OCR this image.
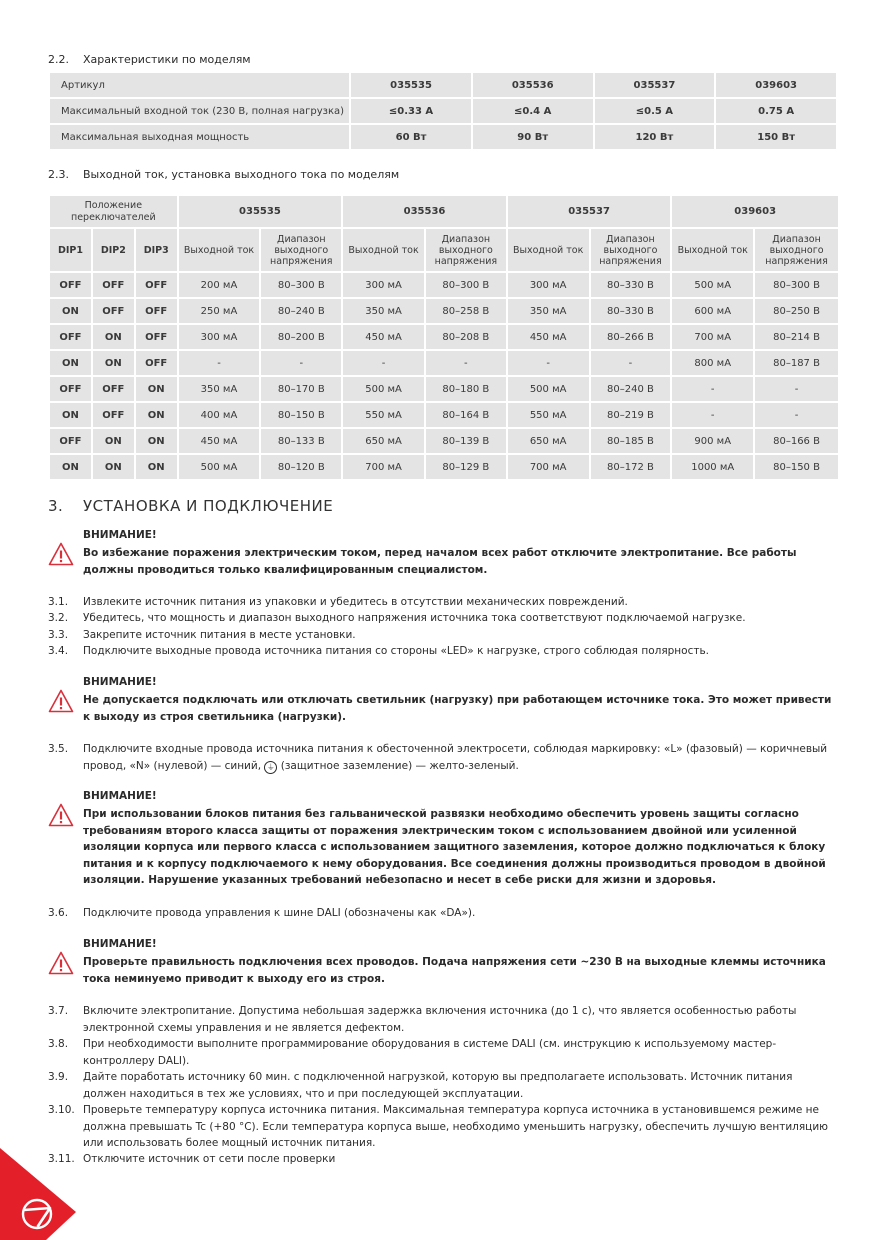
2.2. Характеристики по моделям
Артикул	035535	035536	035537	039603
Максимальный входной ток (230 В, полная нагрузка)	≤0.33 А	≤0.4 А	≤0.5 А	0.75 А
Максимальная выходная мощность	60 Вт	90 Вт	120 Вт	150 Вт
2.3. Выходной ток, установка выходного тока по моделям
Положение переключателей			035535		035536		035537		039603	
DIP1	DIP2	DIP3	Выходной ток	Диапазон выходного напряжения	Выходной ток	Диапазон выходного напряжения	Выходной ток	Диапазон выходного напряжения	Выходной ток	Диапазон выходного напряжения
OFF	OFF	OFF	200 мА	80–300 В	300 мА	80–300 В	300 мА	80–330 В	500 мА	80–300 В
ON	OFF	OFF	250 мА	80–240 В	350 мА	80–258 В	350 мА	80–330 В	600 мА	80–250 В
OFF	ON	OFF	300 мА	80–200 В	450 мА	80–208 В	450 мА	80–266 В	700 мА	80–214 В
ON	ON	OFF	-	-	-	-	-	-	800 мА	80–187 В
OFF	OFF	ON	350 мА	80–170 В	500 мА	80–180 В	500 мА	80–240 В	-	-
ON	OFF	ON	400 мА	80–150 В	550 мА	80–164 В	550 мА	80–219 В	-	-
OFF	ON	ON	450 мА	80–133 В	650 мА	80–139 В	650 мА	80–185 В	900 мА	80–166 В
ON	ON	ON	500 мА	80–120 В	700 мА	80–129 В	700 мА	80–172 В	1000 мА	80–150 В
3. УСТАНОВКА И ПОДКЛЮЧЕНИЕ
ВНИМАНИЕ!
Во избежание поражения электрическим током, перед началом всех работ отключите электропитание. Все работы должны проводиться только квалифицированным специалистом.
3.1. Извлеките источник питания из упаковки и убедитесь в отсутствии механических повреждений.
3.2. Убедитесь, что мощность и диапазон выходного напряжения источника тока соответствуют подключаемой нагрузке.
3.3. Закрепите источник питания в месте установки.
3.4. Подключите выходные провода источника питания со стороны «LED» к нагрузке, строго соблюдая полярность.
ВНИМАНИЕ!
Не допускается подключать или отключать светильник (нагрузку) при работающем источнике тока. Это может привести к выходу из строя светильника (нагрузки).
3.5. Подключите входные провода источника питания к обесточенной электросети, соблюдая маркировку: «L» (фазовый) — коричневый провод, «N» (нулевой) — синий, ⏚ (защитное заземление) — желто-зеленый.
ВНИМАНИЕ!
При использовании блоков питания без гальванической развязки необходимо обеспечить уровень защиты согласно требованиям второго класса защиты от поражения электрическим током с использованием двойной или усиленной изоляции корпуса или первого класса с использованием защитного заземления, которое должно подключаться к блоку питания и к корпусу подключаемого к нему оборудования. Все соединения должны производиться проводом в двойной изоляции. Нарушение указанных требований небезопасно и несет в себе риски для жизни и здоровья.
3.6. Подключите провода управления к шине DALI (обозначены как «DA»).
ВНИМАНИЕ!
Проверьте правильность подключения всех проводов. Подача напряжения сети ~230 В на выходные клеммы источника тока неминуемо приводит к выходу его из строя.
3.7. Включите электропитание. Допустима небольшая задержка включения источника (до 1 с), что является особенностью работы электронной схемы управления и не является дефектом.
3.8. При необходимости выполните программирование оборудования в системе DALI (см. инструкцию к используемому мастер-контроллеру DALI).
3.9. Дайте поработать источнику 60 мин. с подключенной нагрузкой, которую вы предполагаете использовать. Источник питания должен находиться в тех же условиях, что и при последующей эксплуатации.
3.10. Проверьте температуру корпуса источника питания. Максимальная температура корпуса источника в установившемся режиме не должна превышать Tc (+80 °C). Если температура корпуса выше, необходимо уменьшить нагрузку, обеспечить лучшую вентиляцию или использовать более мощный источник питания.
3.11. Отключите источник от сети после проверки
